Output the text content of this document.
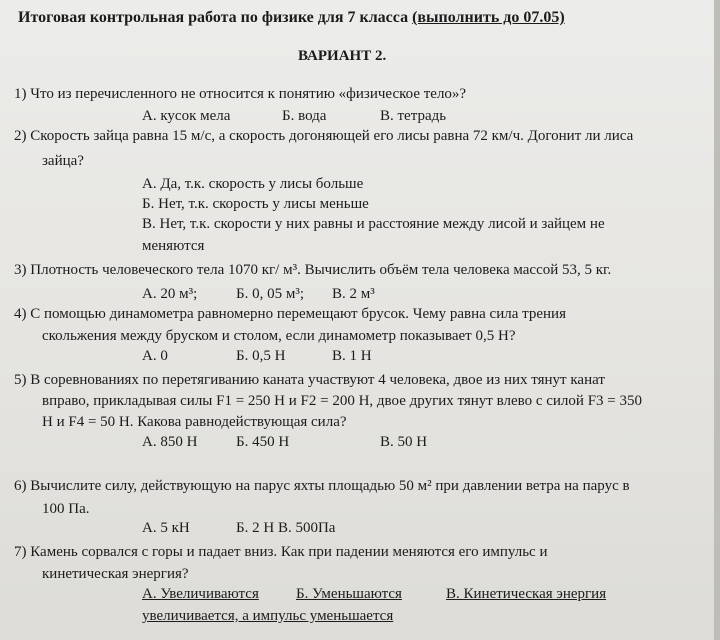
Итоговая контрольная работа по физике для 7 класса (выполнить до 07.05)
ВАРИАНТ 2.
1) Что из перечисленного не относится к понятию «физическое тело»?
А. кусок мела	Б. вода	В. тетрадь
2) Скорость зайца равна 15 м/с, а скорость догоняющей его лисы равна 72 км/ч. Догонит ли лиса
зайца?
А. Да, т.к. скорость у лисы больше
Б. Нет, т.к. скорость у лисы меньше
В. Нет, т.к. скорости у них равны и расстояние между лисой и зайцем не
меняются
3) Плотность человеческого тела 1070 кг/ м³. Вычислить объём тела человека массой 53, 5 кг.
А. 20 м³;	Б. 0, 05 м³; В. 2 м³
4) С помощью динамометра равномерно перемещают брусок. Чему равна сила трения
скольжения между бруском и столом, если динамометр показывает 0,5 Н?
А. 0	Б. 0,5 Н	В. 1 Н
5) В соревнованиях по перетягиванию каната участвуют 4 человека, двое из них тянут канат
вправо, прикладывая силы F1 = 250 Н и F2 = 200 Н, двое других тянут влево с силой F3 = 350
Н и F4 = 50 Н. Какова равнодействующая сила?
А. 850 Н	Б. 450 Н	В. 50 Н
6) Вычислите силу, действующую на парус яхты площадью 50 м² при давлении ветра на парус в
100 Па.
А. 5 кН	Б. 2 Н В. 500Па
7) Камень сорвался с горы и падает вниз. Как при падении меняются его импульс и
кинетическая энергия?
А. Увеличиваются Б. Уменьшаются	В. Кинетическая энергия
увеличивается, а импульс уменьшается
